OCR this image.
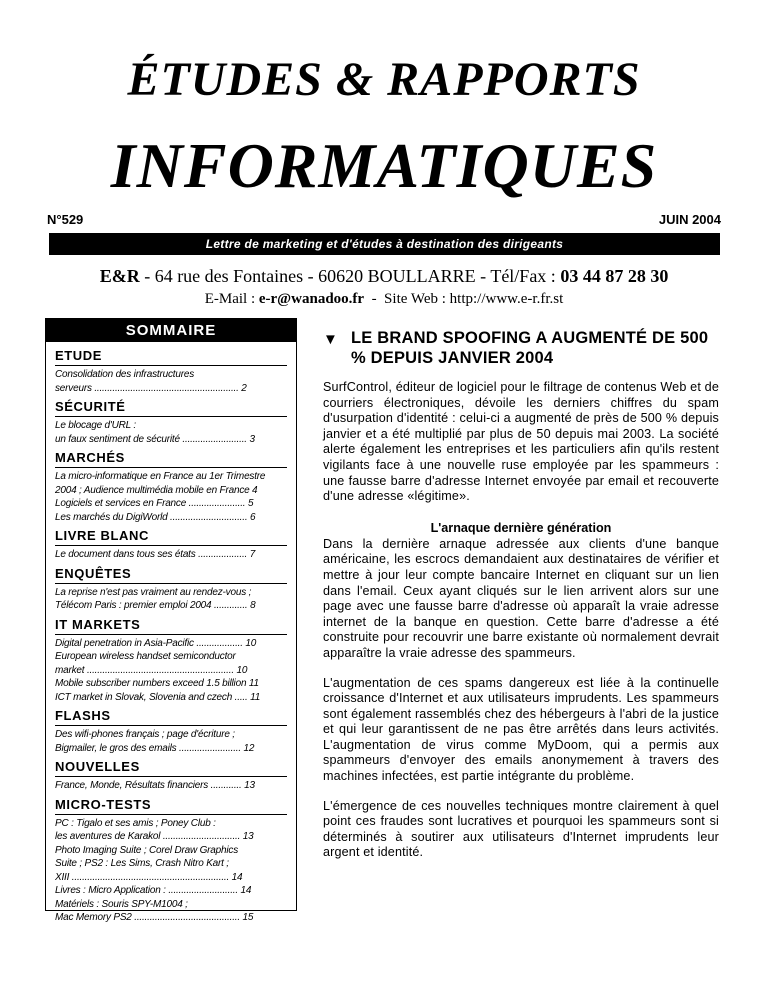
ÉTUDES & RAPPORTS
INFORMATIQUES
N°529	JUIN 2004
Lettre de marketing et d'études à destination des dirigeants
E&R - 64 rue des Fontaines - 60620 BOULLARRE - Tél/Fax : 03 44 87 28 30
E-Mail : e-r@wanadoo.fr  -  Site Web : http://www.e-r.fr.st
SOMMAIRE
ETUDE
Consolidation des infrastructures
serveurs ........................................................ 2
SÉCURITÉ
Le blocage d'URL :
un faux sentiment de sécurité ......................... 3
MARCHÉS
La micro-informatique en France au 1er Trimestre
2004 ; Audience multimédia mobile en France 4
Logiciels et services en France ...................... 5
Les marchés du DigiWorld .............................. 6
LIVRE BLANC
Le document dans tous ses états ................... 7
ENQUÊTES
La reprise n'est pas vraiment au rendez-vous ;
Télécom Paris : premier emploi 2004 ............. 8
IT MARKETS
Digital penetration in Asia-Pacific .................. 10
European wireless handset semiconductor
market ......................................................... 10
Mobile subscriber numbers exceed 1.5 billion 11
ICT market in Slovak, Slovenia and czech ..... 11
FLASHS
Des wifi-phones français ; page d'écriture ;
Bigmailer, le gros des emails ........................ 12
NOUVELLES
France, Monde, Résultats financiers ............ 13
MICRO-TESTS
PC : Tigalo et ses amis ; Poney Club :
les aventures de Karakol .............................. 13
Photo Imaging Suite ; Corel Draw Graphics
Suite ; PS2 : Les Sims, Crash Nitro Kart ;
XIII ............................................................. 14
Livres : Micro Application : ........................... 14
Matériels : Souris SPY-M1004 ;
Mac Memory PS2 ......................................... 15
▼ LE BRAND SPOOFING A AUGMENTÉ DE 500 % DEPUIS JANVIER 2004
SurfControl, éditeur de logiciel pour le filtrage de contenus Web et de courriers électroniques, dévoile les derniers chiffres du spam d'usurpation d'identité : celui-ci a augmenté de près de 500 % depuis janvier et a été multiplié par plus de 50 depuis mai 2003. La société alerte également les entreprises et les particuliers afin qu'ils restent vigilants face à une nouvelle ruse employée par les spammeurs : une fausse barre d'adresse Internet envoyée par email et recouverte d'une adresse «légitime».
L'arnaque dernière génération
Dans la dernière arnaque adressée aux clients d'une banque américaine, les escrocs demandaient aux destinataires de vérifier et mettre à jour leur compte bancaire Internet en cliquant sur un lien dans l'email. Ceux ayant cliqués sur le lien arrivent alors sur une page avec une fausse barre d'adresse où apparaît la vraie adresse internet de la banque en question. Cette barre d'adresse a été construite pour recouvrir une barre existante où normalement devrait apparaître la vraie adresse des spammeurs.
L'augmentation de ces spams dangereux est liée à la continuelle croissance d'Internet et aux utilisateurs imprudents. Les spammeurs sont également rassemblés chez des hébergeurs à l'abri de la justice et qui leur garantissent de ne pas être arrêtés dans leurs activités. L'augmentation de virus comme MyDoom, qui a permis aux spammeurs d'envoyer des emails anonymement à travers des machines infectées, est partie intégrante du problème.
L'émergence de ces nouvelles techniques montre clairement à quel point ces fraudes sont lucratives et pourquoi les spammeurs sont si déterminés à soutirer aux utilisateurs d'Internet imprudents leur argent et identité.
